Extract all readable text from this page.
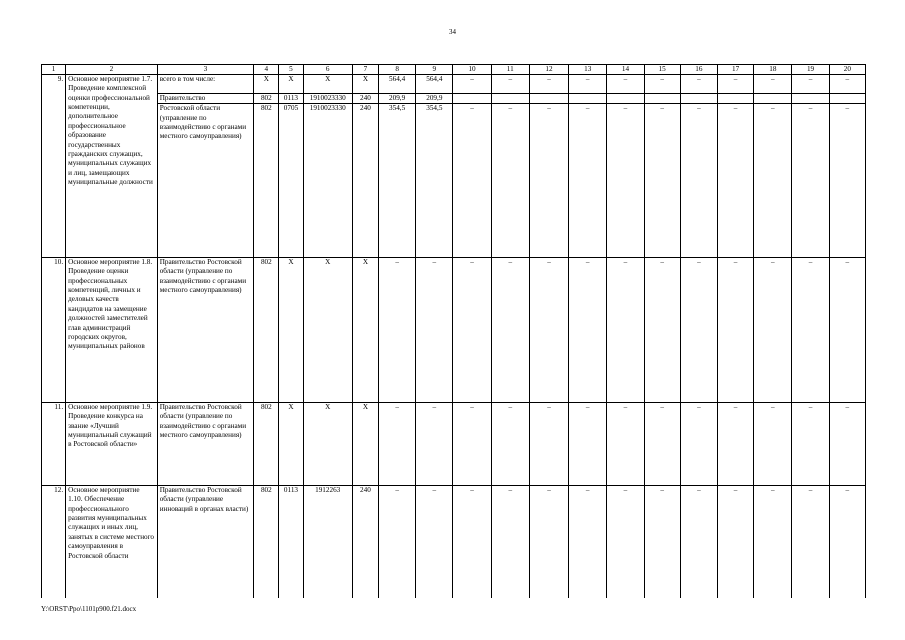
34
1	2	3	4	5	6	7	8	9	10	11	12	13	14	15	16	17	18	19	20
9.	Основное мероприятие 1.7. Проведение комплексной оценки профессиональной компетенции, дополнительное профессиональное образование государственных гражданских служащих, муниципальных служащих и лиц, замещающих муниципальные должности	всего в том числе:	Х	Х	Х	Х	564,4	564,4	–	–	–	–	–	–	–	–	–	–	–
		Правительство	802	0113	1910023330	240	209,9	209,9											
		Ростовской области (управление по взаимодействию с органами местного самоуправления)	802	0705	1910023330	240	354,5	354,5	–	–	–	–	–	–	–	–	–	–	–
10.	Основное мероприятие 1.8. Проведение оценки профессиональных компетенций, личных и деловых качеств кандидатов на замещение должностей заместителей глав администраций городских округов, муниципальных районов	Правительство Ростовской области (управление по взаимодействию с органами местного самоуправления)	802	Х	Х	Х	–	–	–	–	–	–	–	–	–	–	–	–	–
11.	Основное мероприятие 1.9. Проведение конкурса на звание «Лучший муниципальный служащий в Ростовской области»	Правительство Ростовской области (управление по взаимодействию с органами местного самоуправления)	802	Х	Х	Х	–	–	–	–	–	–	–	–	–	–	–	–	–
12.	Основное мероприятие 1.10. Обеспечение профессионального развития муниципальных служащих и иных лиц, занятых в системе местного самоуправления в Ростовской области	Правительство Ростовской области (управление инноваций в органах власти)	802	0113	1912263	240	–	–	–	–	–	–	–	–	–	–	–	–	–
Y:\ORST\Ppo\1101p900.f21.docx
